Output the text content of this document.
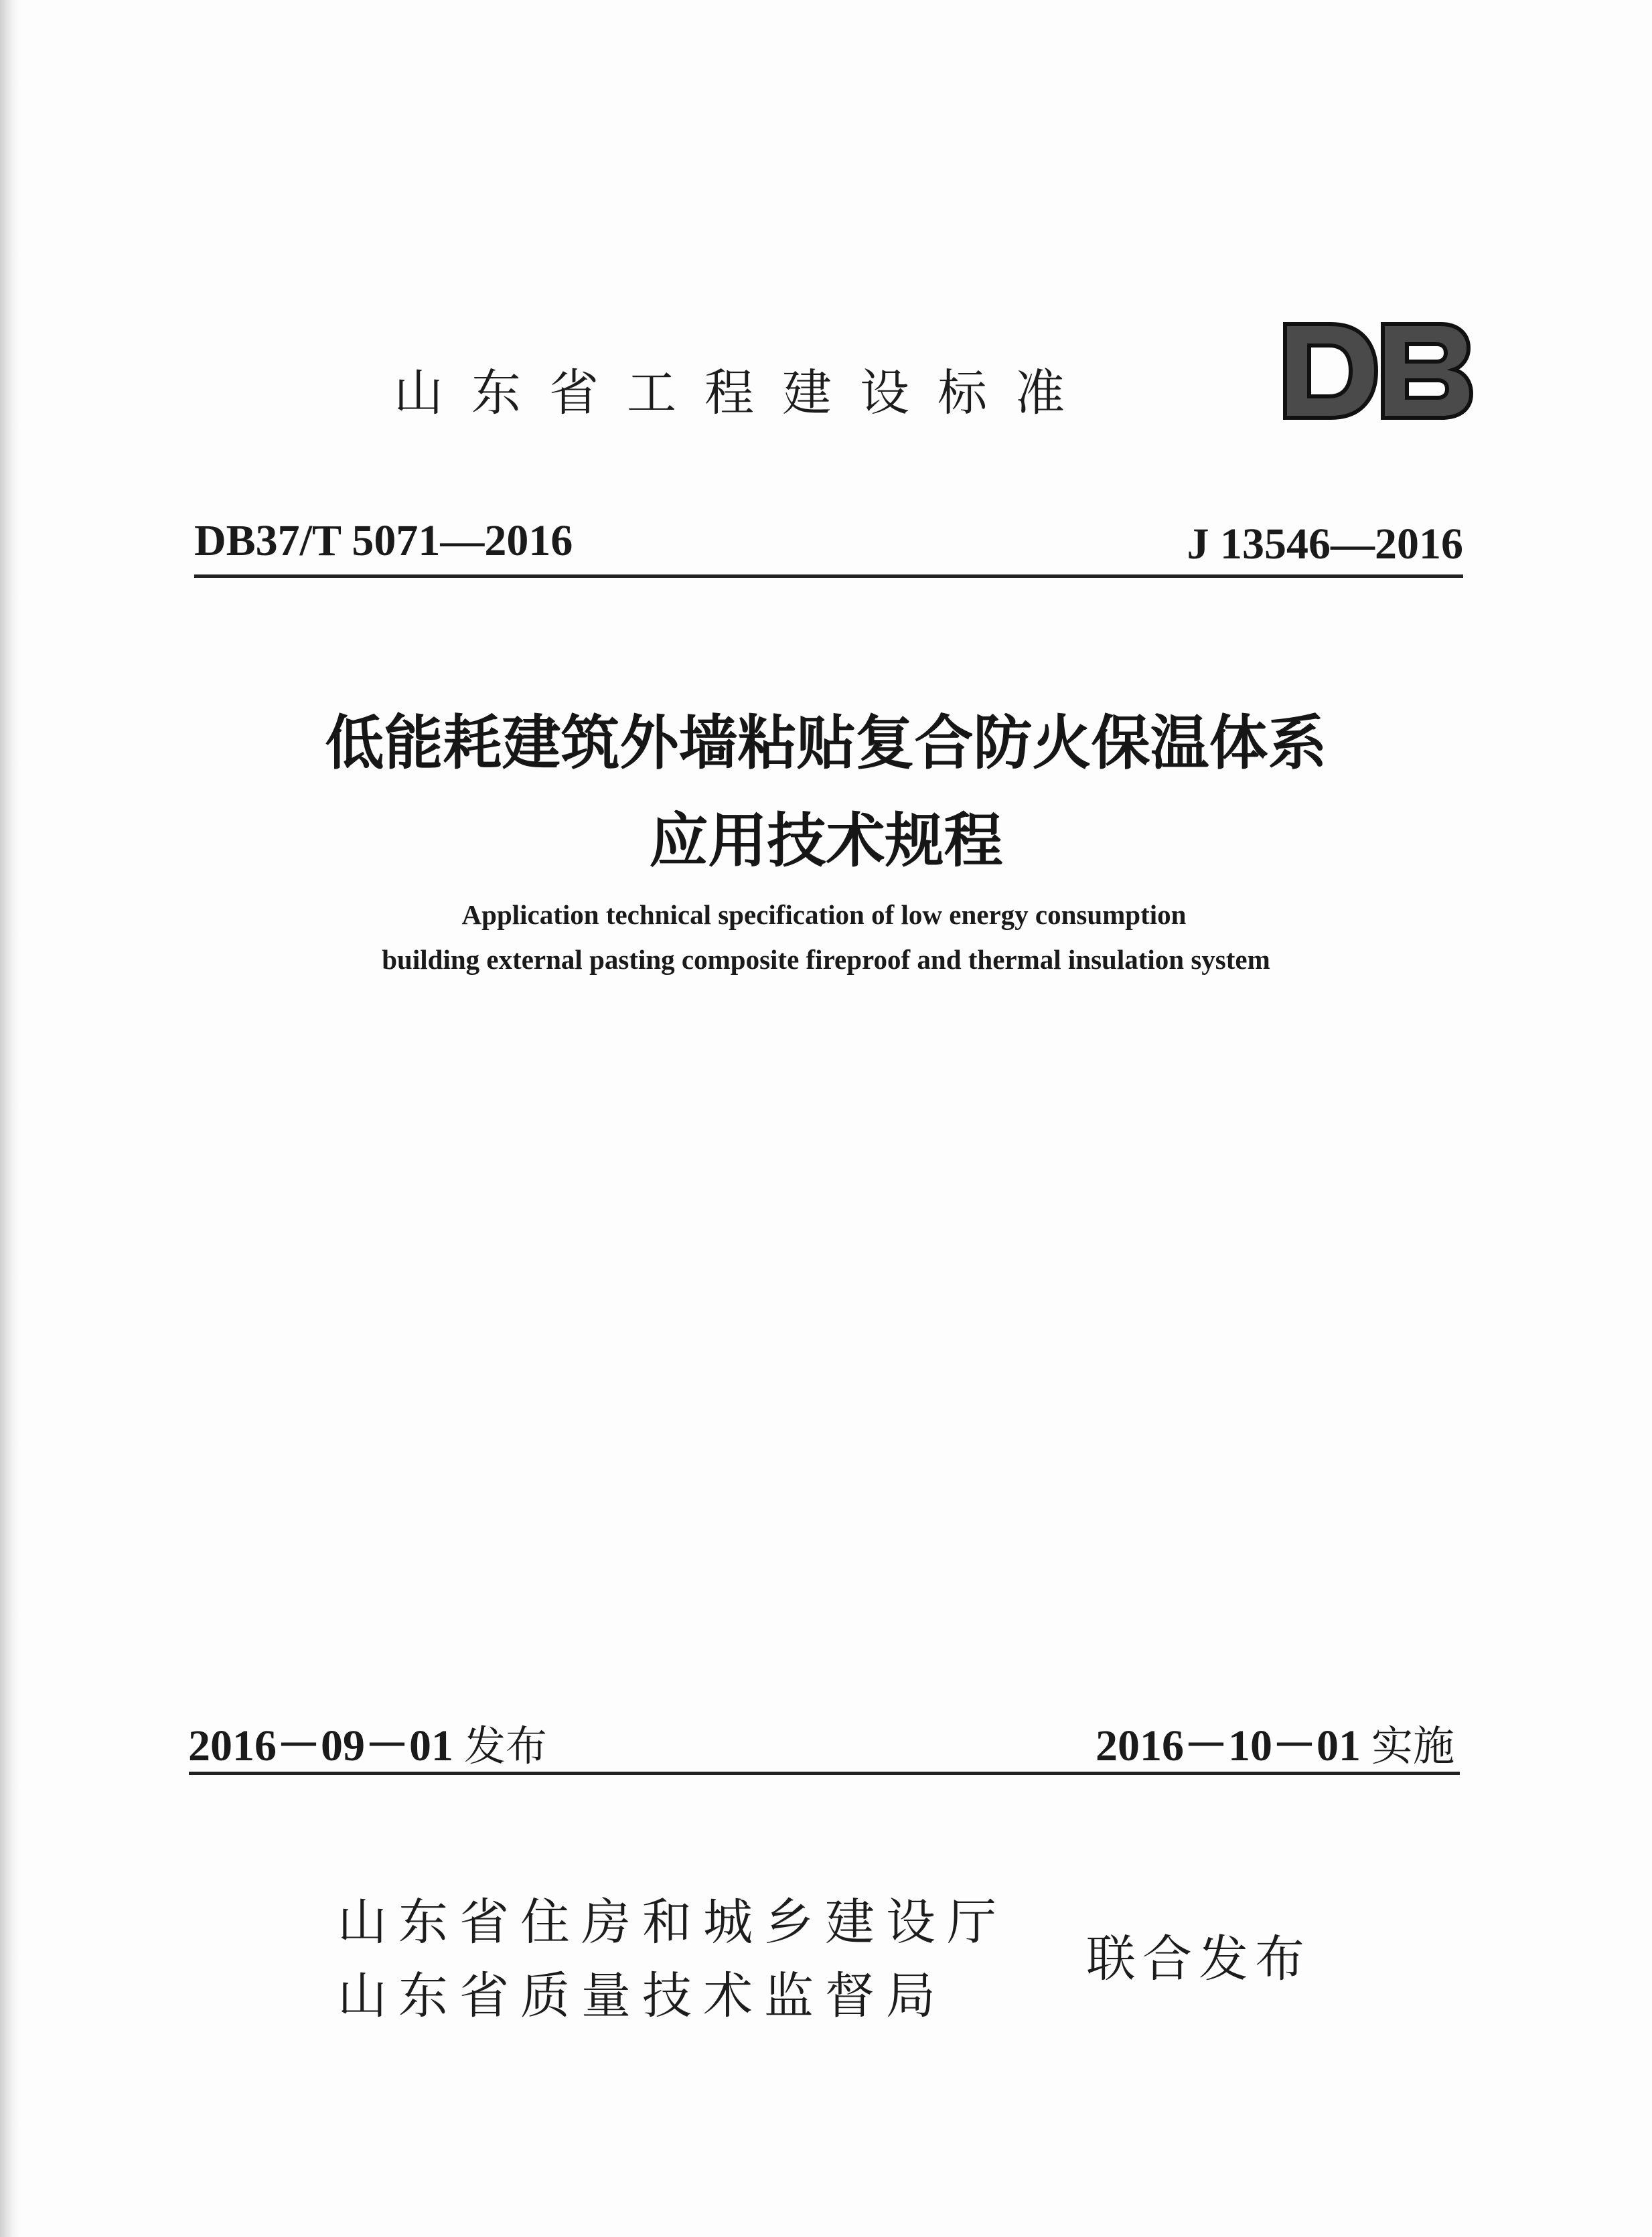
山东省工程建设标准
DB37/T 5071—2016	J 13546—2016
低能耗建筑外墙粘贴复合防火保温体系
应用技术规程
Application technical specification of low energy consumption
building external pasting composite fireproof and thermal insulation system
2016－09－01 发布	2016－10－01 实施
山东省住房和城乡建设厅
山东省质量技术监督局
联合发布
